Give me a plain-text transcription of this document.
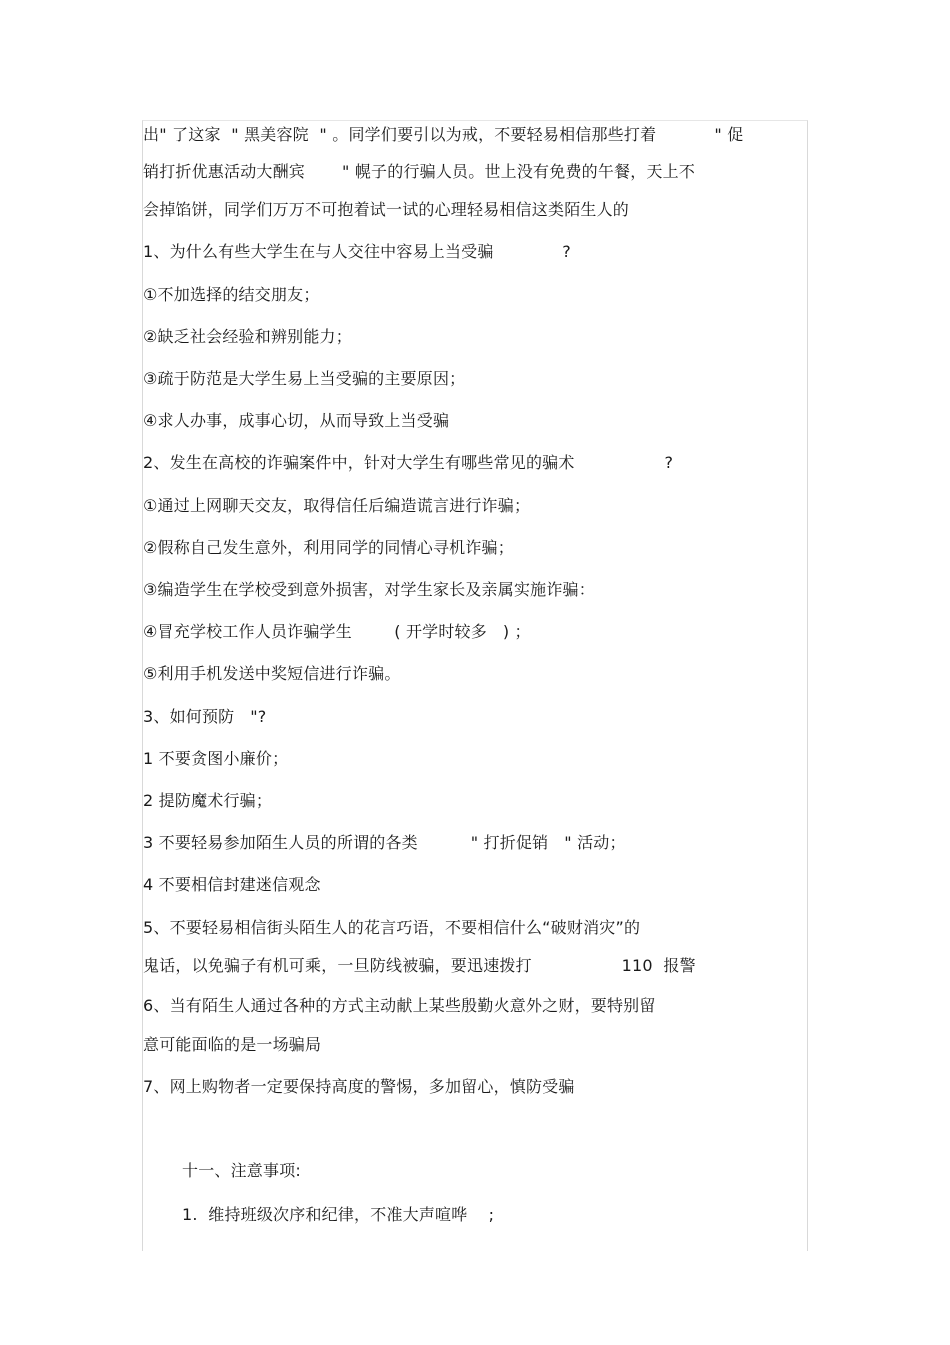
出" 了这家  " 黑美容院  " 。同学们要引以为戒，不要轻易相信那些打着           " 促
销打折优惠活动大酬宾       " 幌子的行骗人员。世上没有免费的午餐，天上不
会掉馅饼，同学们万万不可抱着试一试的心理轻易相信这类陌生人的
1、为什么有些大学生在与人交往中容易上当受骗             ?
①不加选择的结交朋友；
②缺乏社会经验和辨别能力；
③疏于防范是大学生易上当受骗的主要原因；
④求人办事，成事心切，从而导致上当受骗
2、发生在高校的诈骗案件中，针对大学生有哪些常见的骗术                 ?
①通过上网聊天交友，取得信任后编造谎言进行诈骗；
②假称自己发生意外，利用同学的同情心寻机诈骗；
③编造学生在学校受到意外损害，对学生家长及亲属实施诈骗：
④冒充学校工作人员诈骗学生        ( 开学时较多   ) ；
⑤利用手机发送中奖短信进行诈骗。
3、如何预防   "?
1 不要贪图小廉价；
2 提防魔术行骗；
3 不要轻易参加陌生人员的所谓的各类          " 打折促销   " 活动；
4 不要相信封建迷信观念
5、不要轻易相信街头陌生人的花言巧语，不要相信什么“破财消灾”的
鬼话，以免骗子有机可乘，一旦防线被骗，要迅速拨打                 110  报警
6、当有陌生人通过各种的方式主动献上某些殷勤火意外之财，要特别留
意可能面临的是一场骗局
7、网上购物者一定要保持高度的警惕，多加留心，慎防受骗
十一、注意事项:
1.  维持班级次序和纪律，不准大声喧哗    ;
